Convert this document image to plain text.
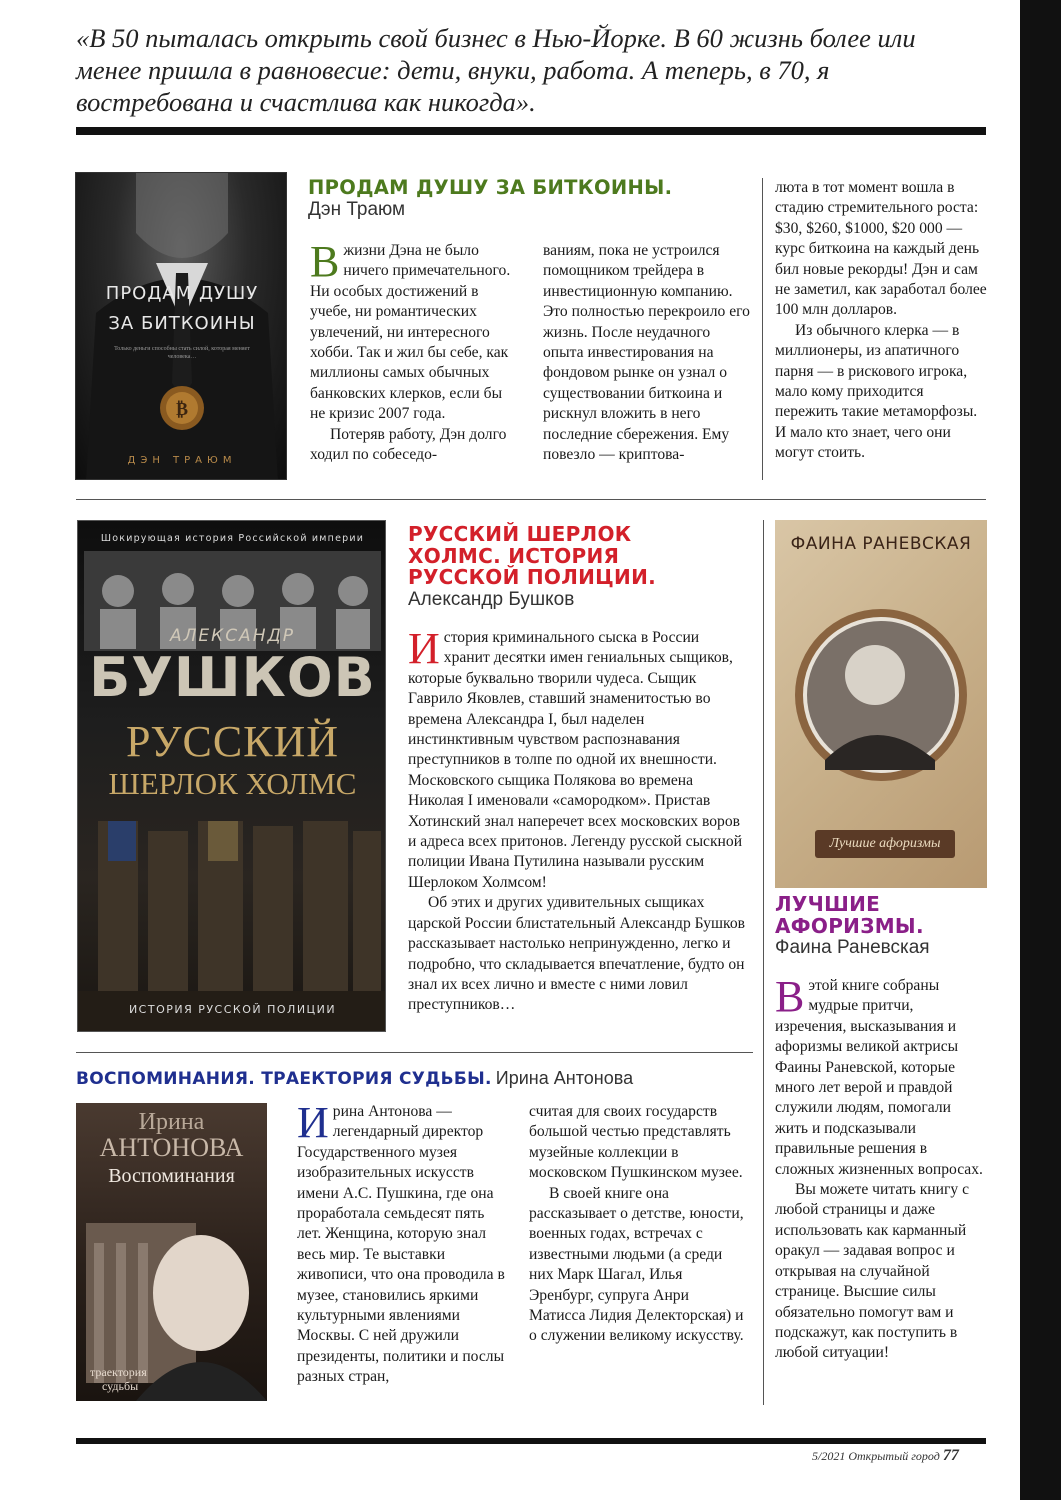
«В 50 пыталась открыть свой бизнес в Нью-Йорке. В 60 жизнь более или менее пришла в равновесие: дети, внуки, работа. А теперь, в 70, я востребована и счастлива как никогда».
₿
ПРОДАМ ДУШУ
ЗА БИТКОИНЫ
Только деньги способны стать силой, которая меняет человека…
ДЭН ТРАЮМ
ПРОДАМ ДУШУ ЗА БИТКОИНЫ.
Дэн Траюм

Вжизни Дэна не было ничего примечательного. Ни особых достижений в учебе, ни романтических увлечений, ни интересного хобби. Так и жил бы себе, как миллионы самых обычных банковских клерков, если бы не кризис 2007 года.

Потеряв работу, Дэн долго ходил по собеседо-

ваниям, пока не устроился помощником трейдера в инвестиционную компанию. Это полностью перекроило его жизнь. После неудачного опыта инвестирования на фондовом рынке он узнал о существовании биткоина и рискнул вложить в него последние сбережения. Ему повезло — криптова-

люта в тот момент вошла в стадию стремительного роста: $30, $260, $1000, $20 000 — курс биткоина на каждый день бил новые рекорды! Дэн и сам не заметил, как заработал более 100 млн долларов.

Из обычного клерка — в миллионеры, из апатичного парня — в рискового игрока, мало кому приходится пережить такие метаморфозы. И мало кто знает, чего они могут стоить.

Шокирующая история Российской империи
АЛЕКСАНДР
БУШКОВ
РУССКИЙ
ШЕРЛОК ХОЛМС
ИСТОРИЯ РУССКОЙ ПОЛИЦИИ
РУССКИЙ ШЕРЛОК ХОЛМС. ИСТОРИЯ РУССКОЙ ПОЛИЦИИ.
Александр Бушков

История криминального сыска в России хранит десятки имен гениальных сыщиков, которые буквально творили чудеса. Сыщик Гаврило Яковлев, ставший знаменитостью во времена Александра I, был наделен инстинктивным чувством распознавания преступников в толпе по одной их внешности. Московского сыщика Полякова во времена Николая I именовали «самородком». Пристав Хотинский знал наперечет всех московских воров и адреса всех притонов. Легенду русской сыскной полиции Ивана Путилина называли русским Шерлоком Холмсом!

Об этих и других удивительных сыщиках царской России блистательный Александр Бушков рассказывает настолько непринужденно, легко и подробно, что складывается впечатление, будто он знал их всех лично и вместе с ними ловил преступников…

ФАИНА РАНЕВСКАЯ
Лучшие афоризмы
ЛУЧШИЕ АФОРИЗМЫ.
Фаина Раневская

Вэтой книге собраны мудрые притчи, изречения, высказывания и афоризмы великой актрисы Фаины Раневской, которые много лет верой и правдой служили людям, помогали жить и подсказывали правильные решения в сложных жизненных вопросах.

Вы можете читать книгу с любой страницы и даже использовать как карманный оракул — задавая вопрос и открывая на случайной странице. Высшие силы обязательно помогут вам и подскажут, как поступить в любой ситуации!

ВОСПОМИНАНИЯ. ТРАЕКТОРИЯ СУДЬБЫ. Ирина Антонова
Ирина
АНТОНОВА
Воспоминания
траектория
судьбы

Ирина Антонова — легендарный директор Государственного музея изобразительных искусств имени А.С. Пушкина, где она проработала семьдесят пять лет. Женщина, которую знал весь мир. Те выставки живописи, что она проводила в музее, становились яркими культурными явлениями Москвы. С ней дружили президенты, политики и послы разных стран,

считая для своих государств большой честью представлять музейные коллекции в московском Пушкинском музее.

В своей книге она рассказывает о детстве, юности, военных годах, встречах с известными людьми (а среди них Марк Шагал, Илья Эренбург, супруга Анри Матисса Лидия Делекторская) и о служении великому искусству.

5/2021 Открытый город 77
